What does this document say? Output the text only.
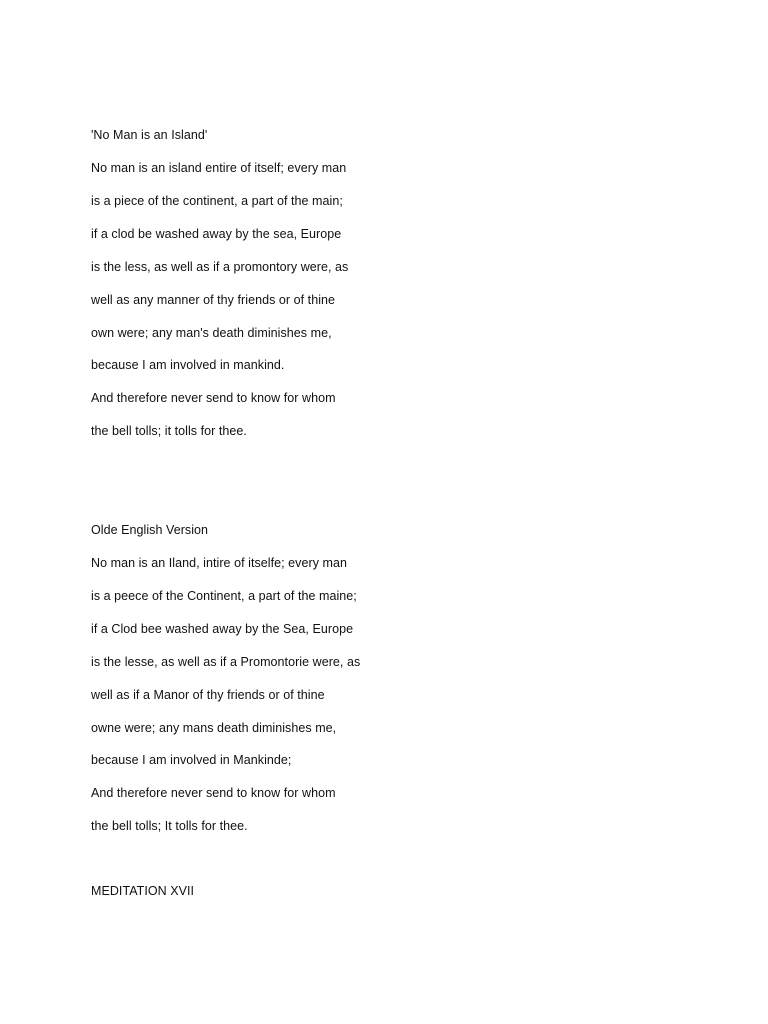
'No Man is an Island'
No man is an island entire of itself; every man
is a piece of the continent, a part of the main;
if a clod be washed away by the sea, Europe
is the less, as well as if a promontory were, as
well as any manner of thy friends or of thine
own were; any man's death diminishes me,
because I am involved in mankind.
And therefore never send to know for whom
the bell tolls; it tolls for thee.
Olde English Version
No man is an Iland, intire of itselfe; every man
is a peece of the Continent, a part of the maine;
if a Clod bee washed away by the Sea, Europe
is the lesse, as well as if a Promontorie were, as
well as if a Manor of thy friends or of thine
owne were; any mans death diminishes me,
because I am involved in Mankinde;
And therefore never send to know for whom
the bell tolls; It tolls for thee.
MEDITATION XVII
